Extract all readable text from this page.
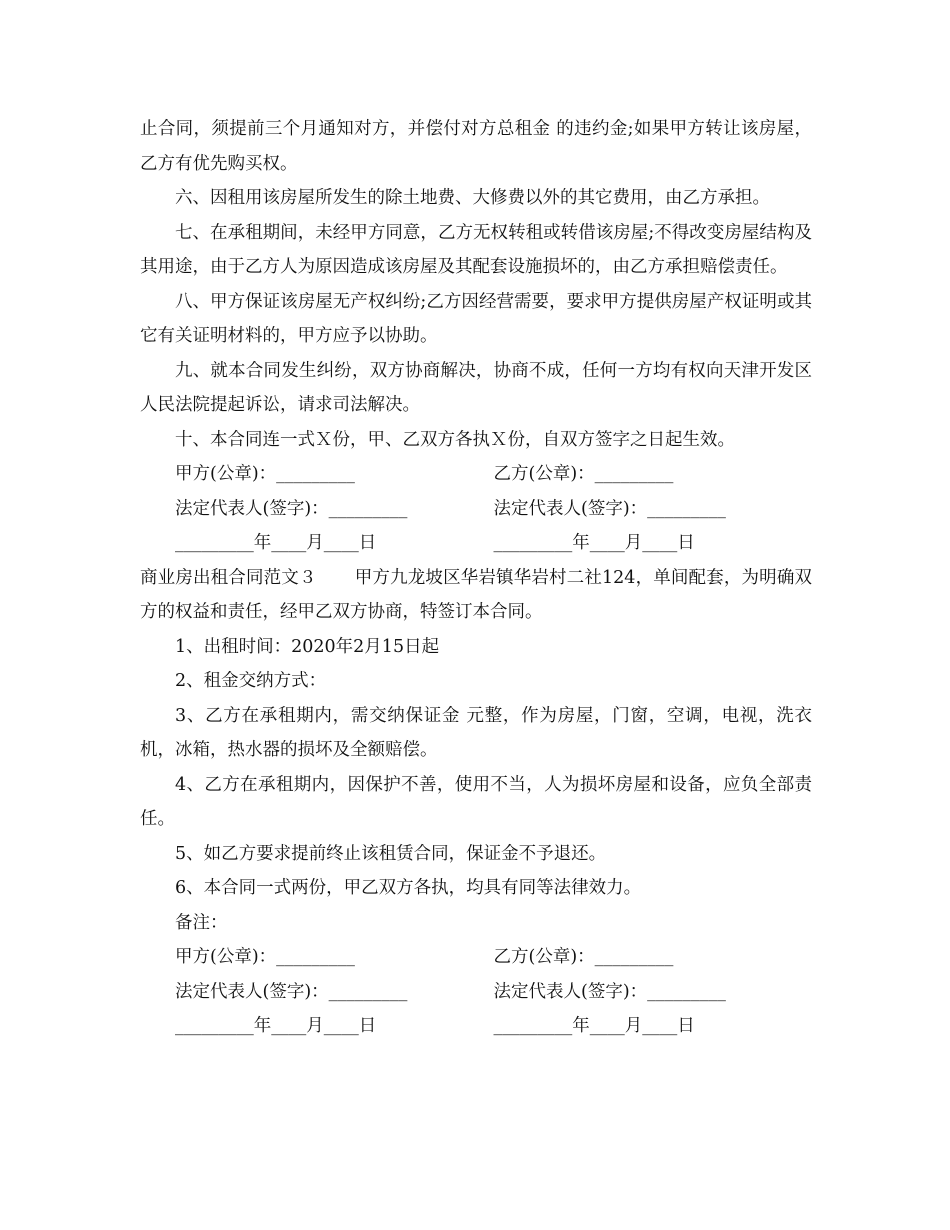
止合同，须提前三个月通知对方，并偿付对方总租金 的违约金;如果甲方转让该房屋，乙方有优先购买权。

六、因租用该房屋所发生的除土地费、大修费以外的其它费用，由乙方承担。

七、在承租期间，未经甲方同意，乙方无权转租或转借该房屋;不得改变房屋结构及其用途，由于乙方人为原因造成该房屋及其配套设施损坏的，由乙方承担赔偿责任。

八、甲方保证该房屋无产权纠纷;乙方因经营需要，要求甲方提供房屋产权证明或其它有关证明材料的，甲方应予以协助。

九、就本合同发生纠纷，双方协商解决，协商不成，任何一方均有权向天津开发区人民法院提起诉讼，请求司法解决。

十、本合同连一式Ｘ份，甲、乙双方各执Ｘ份，自双方签字之日起生效。

甲方(公章)：_________	乙方(公章)：_________
法定代表人(签字)：_________	法定代表人(签字)：_________
_________年____月____日	_________年____月____日

商业房出租合同范文３ 甲方九龙坡区华岩镇华岩村二社124，单间配套，为明确双方的权益和责任，经甲乙双方协商，特签订本合同。

1、出租时间：2020年2月15日起

2、租金交纳方式：

3、乙方在承租期内，需交纳保证金 元整，作为房屋，门窗，空调，电视，洗衣机，冰箱，热水器的损坏及全额赔偿。

4、乙方在承租期内，因保护不善，使用不当，人为损坏房屋和设备，应负全部责任。

5、如乙方要求提前终止该租赁合同，保证金不予退还。

6、本合同一式两份，甲乙双方各执，均具有同等法律效力。

备注：

甲方(公章)：_________	乙方(公章)：_________
法定代表人(签字)：_________	法定代表人(签字)：_________
_________年____月____日	_________年____月____日
